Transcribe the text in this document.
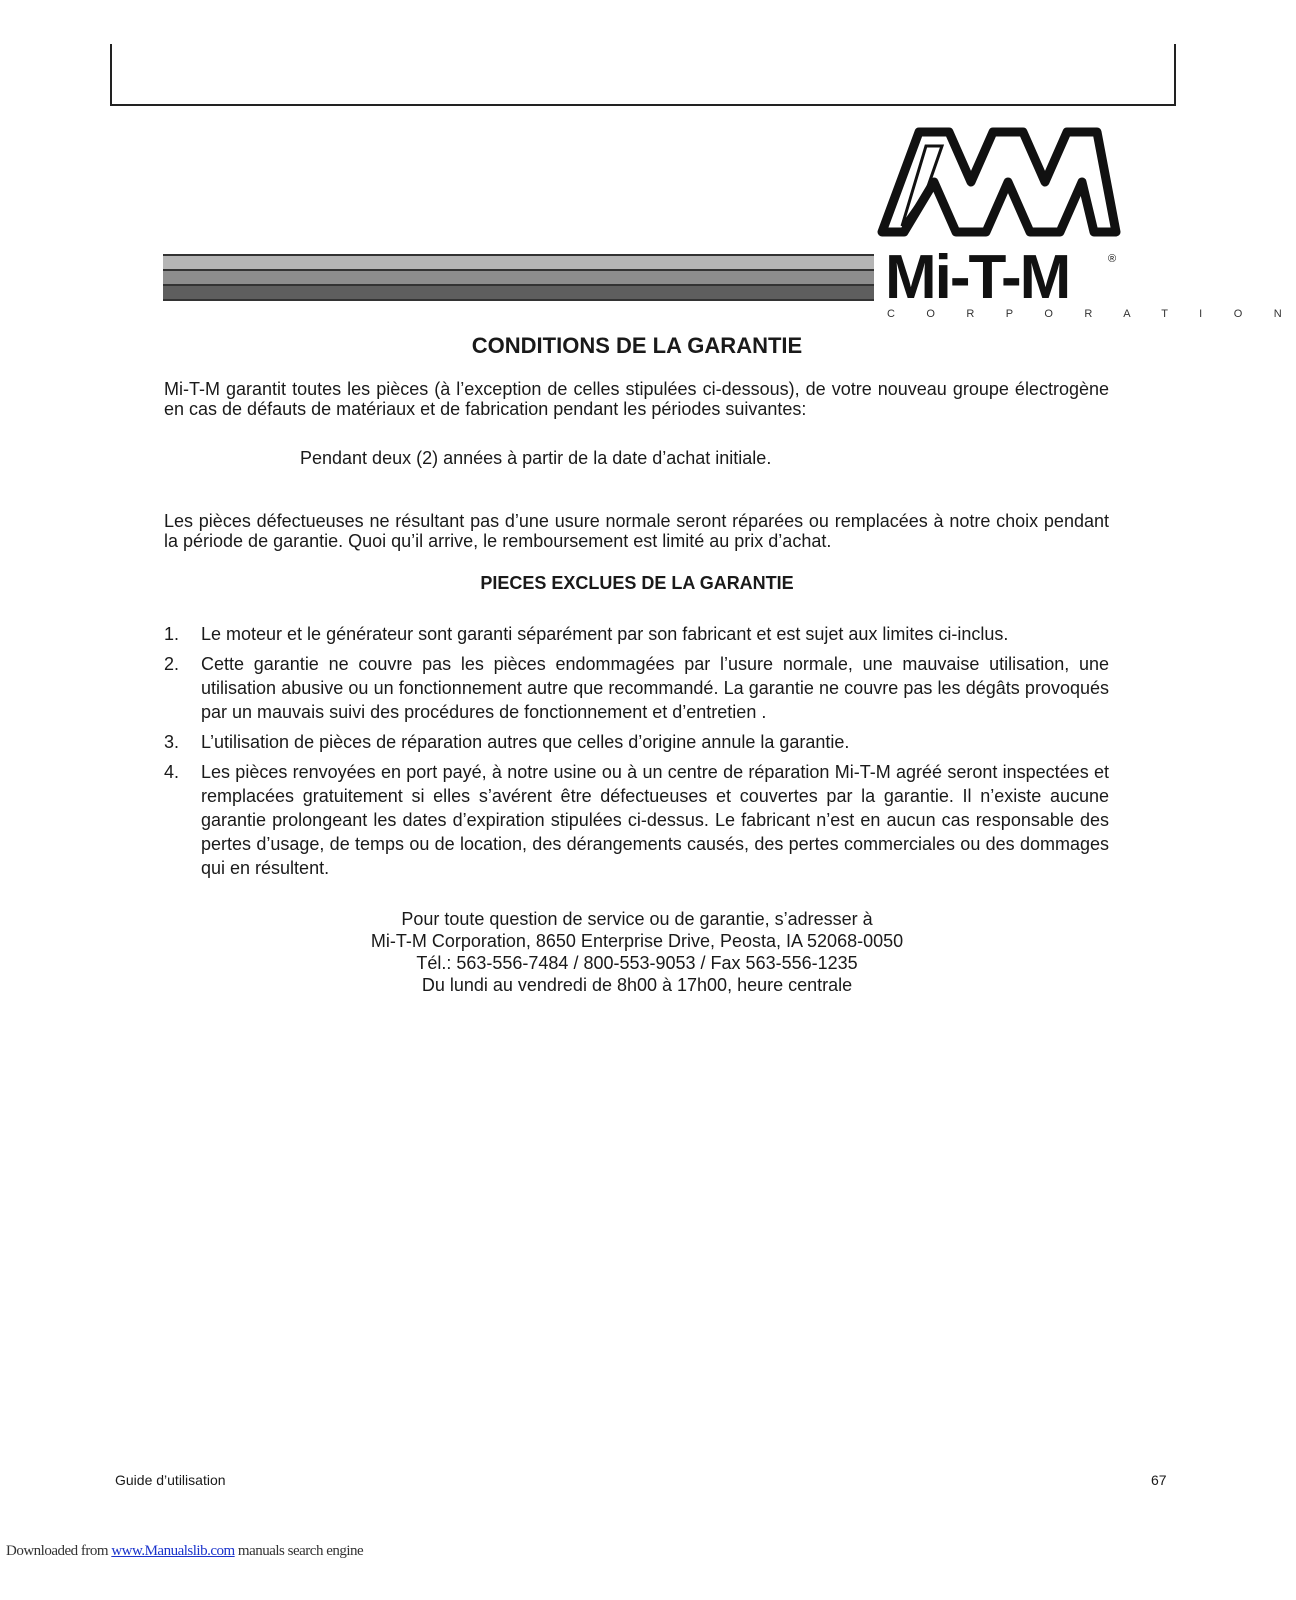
Mi-T-M	®
C O R P O R A T I O N
CONDITIONS DE LA GARANTIE

Mi-T-M garantit toutes les pièces (à l’exception de celles stipulées ci-dessous), de votre nouveau groupe électrogène en cas de défauts de matériaux et de fabrication pendant les périodes suivantes:

Pendant deux (2) années à partir de la date d’achat initiale.

Les pièces défectueuses ne résultant pas d’une usure normale seront réparées ou remplacées à notre choix pendant la période de garantie. Quoi qu’il arrive, le remboursement est limité au prix d’achat.

PIECES EXCLUES DE LA GARANTIE
1. Le moteur et le générateur sont garanti séparément par son fabricant et est sujet aux limites ci-inclus.
2. Cette garantie ne couvre pas les pièces endommagées par l’usure normale, une mauvaise utilisation, une utilisation abusive ou un fonctionnement autre que recommandé. La garantie ne couvre pas les dégâts provoqués par un mauvais suivi des procédures de fonctionnement et d’entretien .
3. L’utilisation de pièces de réparation autres que celles d’origine annule la garantie.
4. Les pièces renvoyées en port payé, à notre usine ou à un centre de réparation Mi-T-M agréé seront inspectées et remplacées gratuitement si elles s’avérent être défectueuses et couvertes par la garantie. Il n’existe aucune garantie prolongeant les dates d’expiration stipulées ci-dessus. Le fabricant n’est en aucun cas responsable des pertes d’usage, de temps ou de location, des dérangements causés, des pertes commerciales ou des dommages qui en résultent.
Pour toute question de service ou de garantie, s’adresser à
Mi-T-M Corporation, 8650 Enterprise Drive, Peosta, IA 52068-0050
Tél.: 563-556-7484 / 800-553-9053 / Fax 563-556-1235
Du lundi au vendredi de 8h00 à 17h00, heure centrale
Guide d’utilisation	67
Downloaded from www.Manualslib.com manuals search engine
